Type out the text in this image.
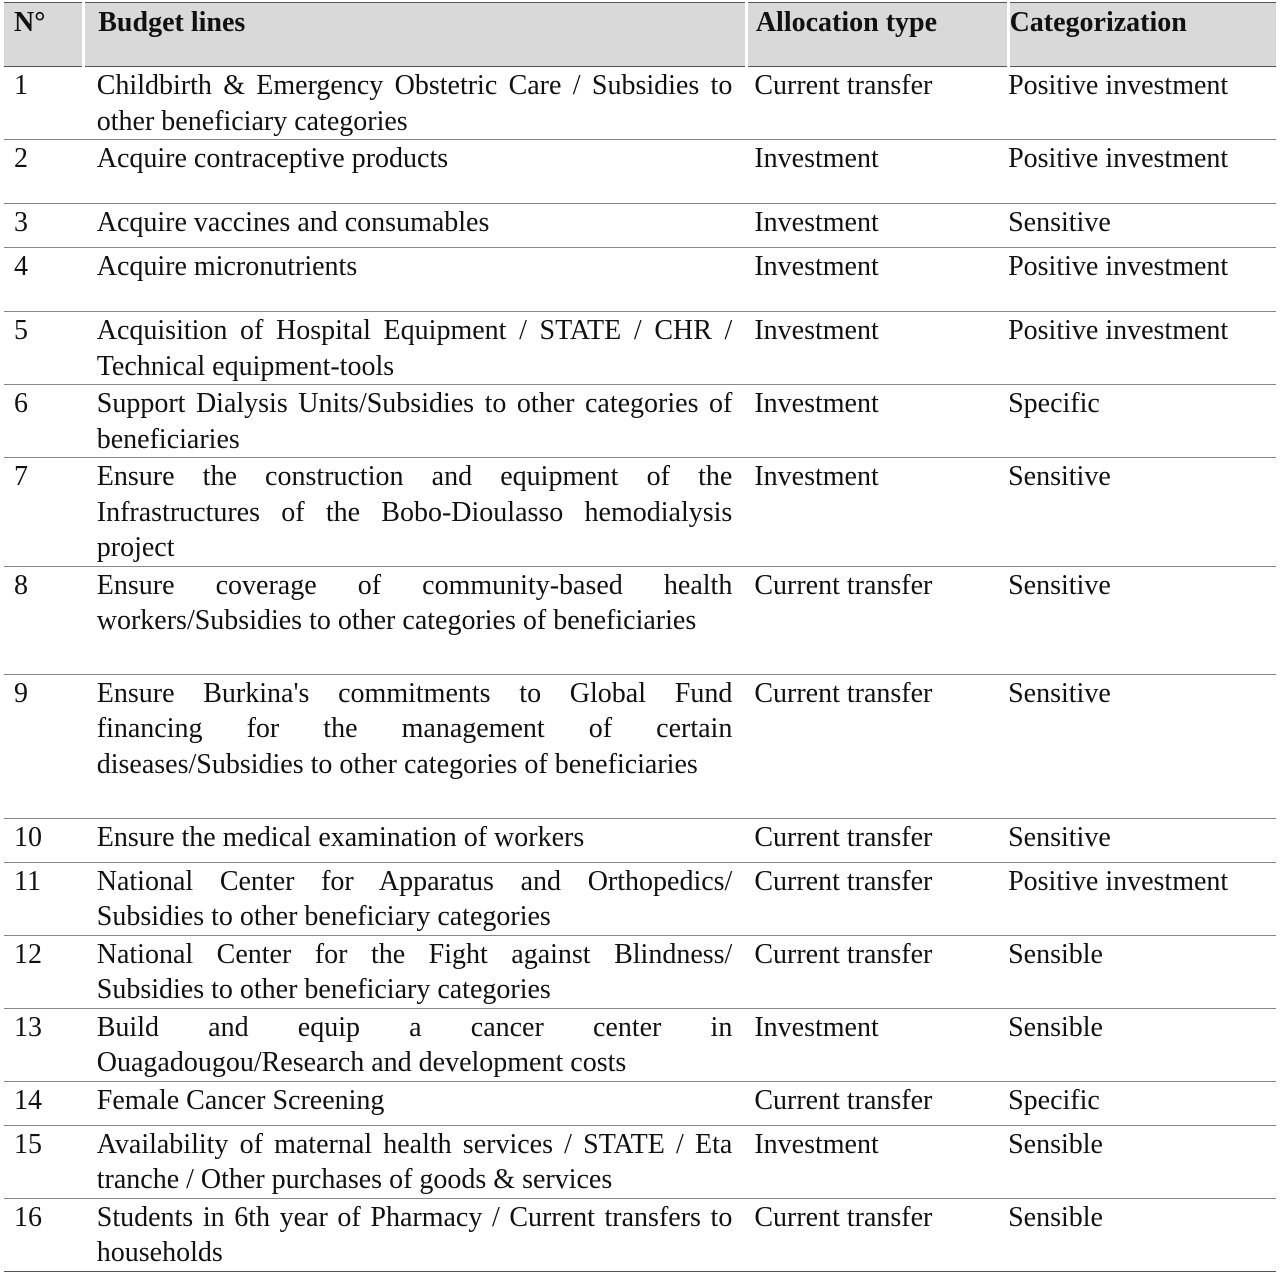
N°	Budget lines	Allocation type	Categorization
1	Childbirth & Emergency Obstetric Care / Subsidies to other beneficiary categories	Current transfer	Positive investment
2	Acquire contraceptive products	Investment	Positive investment
3	Acquire vaccines and consumables	Investment	Sensitive
4	Acquire micronutrients	Investment	Positive investment
5	Acquisition of Hospital Equipment / STATE / CHR / Technical equipment-tools	Investment	Positive investment
6	Support Dialysis Units/Subsidies to other categories of beneficiaries	Investment	Specific
7	Ensure the construction and equipment of the Infrastructures of the Bobo-Dioulasso hemodialysis project	Investment	Sensitive
8	Ensure coverage of community-based health workers/Subsidies to other categories of beneficiaries	Current transfer	Sensitive
9	Ensure Burkina's commitments to Global Fund financing for the management of certain diseases/Subsidies to other categories of beneficiaries	Current transfer	Sensitive
10	Ensure the medical examination of workers	Current transfer	Sensitive
11	National Center for Apparatus and Orthopedics/ Subsidies to other beneficiary categories	Current transfer	Positive investment
12	National Center for the Fight against Blindness/ Subsidies to other beneficiary categories	Current transfer	Sensible
13	Build and equip a cancer center in Ouagadougou/Research and development costs	Investment	Sensible
14	Female Cancer Screening	Current transfer	Specific
15	Availability of maternal health services / STATE / Eta tranche / Other purchases of goods & services	Investment	Sensible
16	Students in 6th year of Pharmacy / Current transfers to households	Current transfer	Sensible
